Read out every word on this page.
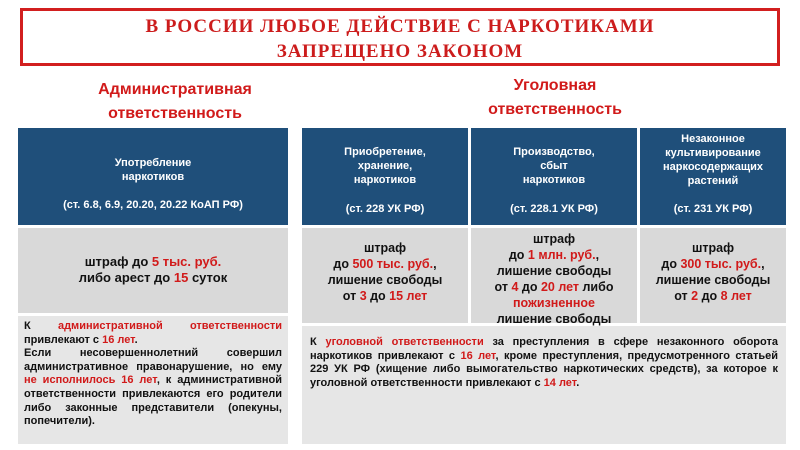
В РОССИИ ЛЮБОЕ ДЕЙСТВИЕ С НАРКОТИКАМИ
ЗАПРЕЩЕНО ЗАКОНОМ
Административная
ответственность
Уголовная
ответственность
Употребление
наркотиков
(ст. 6.8, 6.9, 20.20, 20.22 КоАП РФ)
Приобретение,
хранение,
наркотиков
(ст. 228 УК РФ)
Производство,
сбыт
наркотиков
(ст. 228.1 УК РФ)
Незаконное
культивирование
наркосодержащих
растений
(ст. 231 УК РФ)
штраф до 5 тыс. руб.
либо арест до 15 суток
штраф
до 500 тыс. руб.,
лишение свободы
от 3 до 15 лет
штраф
до 1 млн. руб.,
лишение свободы
от 4 до 20 лет либо
пожизненное
лишение свободы
штраф
до 300 тыс. руб.,
лишение свободы
от 2 до 8 лет
К административной ответственности привлекают с 16 лет.
Если несовершеннолетний совершил административное правонарушение, но ему не исполнилось 16 лет, к административной ответственности привлекаются его родители либо законные представители (опекуны, попечители).
К уголовной ответственности за преступления в сфере незаконного оборота наркотиков привлекают с 16 лет, кроме преступления, предусмотренного статьей 229 УК РФ (хищение либо вымогательство наркотических средств), за которое к уголовной ответственности привлекают с 14 лет.
